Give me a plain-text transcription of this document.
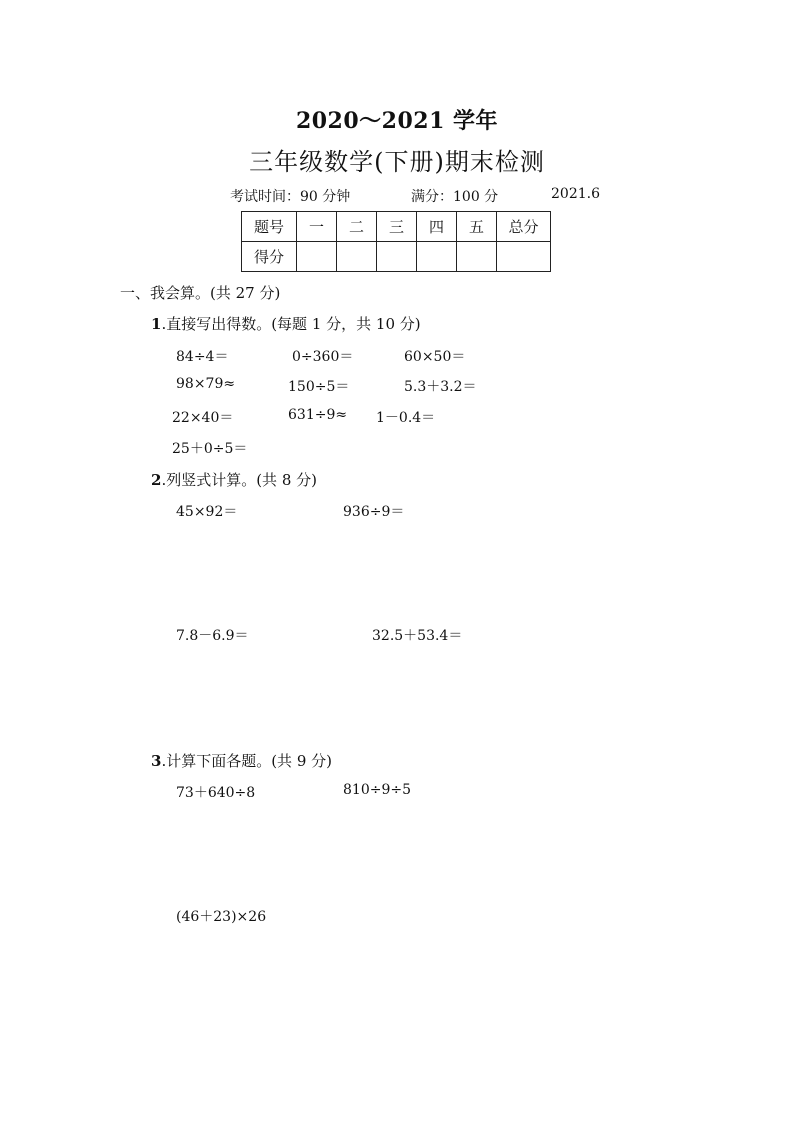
2020～2021 学年
三年级数学(下册)期末检测
考试时间：90 分钟	满分：100 分	2021.6
题号	一	二	三	四	五	总分
得分						
一、我会算。(共 27 分)
1.直接写出得数。(每题 1 分，共 10 分)
84÷4＝	0÷360＝	60×50＝
98×79≈	150÷5＝	5.3＋3.2＝
22×40＝	631÷9≈ 1－0.4＝
25＋0÷5＝
2.列竖式计算。(共 8 分)
45×92＝	936÷9＝
7.8－6.9＝	32.5＋53.4＝
3.计算下面各题。(共 9 分)
73＋640÷8	810÷9÷5
(46＋23)×26
